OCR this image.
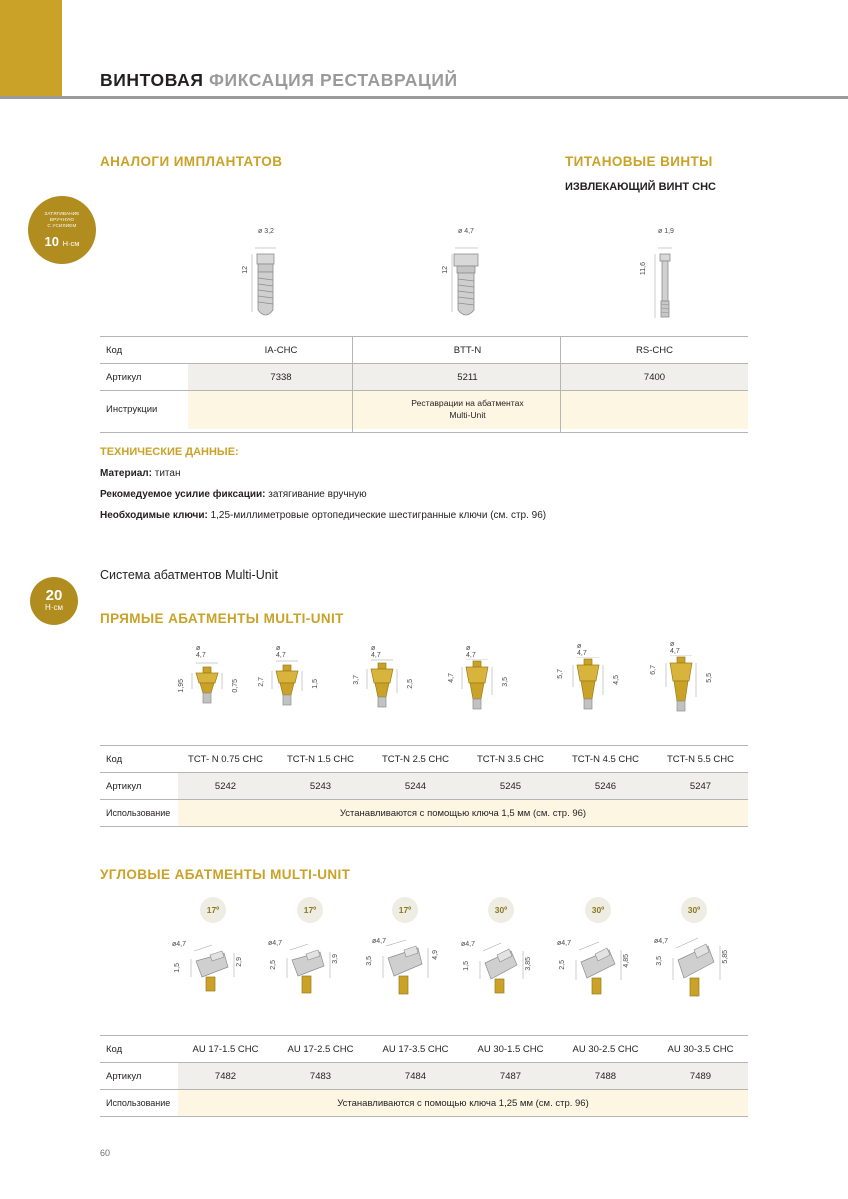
ВИНТОВАЯ ФИКСАЦИЯ РЕСТАВРАЦИЙ
АНАЛОГИ ИМПЛАНТАТОВ	ТИТАНОВЫЕ ВИНТЫ
ИЗВЛЕКАЮЩИЙ ВИНТ CHC
ЗАТЯГИВАНИЕ
ВРУЧНУЮ
С УСИЛИЕМ
10 Н·см
ø 3,2
12
ø 4,7
12
ø 1,9
11,6
Код	IA-CHC	BTT-N	RS-CHC
Артикул	7338	5211	7400
Инструкции		Реставрации на абатментах
Multi-Unit	
ТЕХНИЧЕСКИЕ ДАННЫЕ:
Материал: титан
Рекомедуемое усилие фиксации: затягивание вручную
Необходимые ключи: 1,25-миллиметровые ортопедические шестигранные ключи (см. стр. 96)
Система абатментов Multi-Unit
20
Н·см
ПРЯМЫЕ АБАТМЕНТЫ MULTI-UNIT
ø 4,7
1,95	0,75
ø 4,7
2,7	1,5
ø 4,7
3,7	2,5
ø 4,7
4,7	3,5
ø 4,7
5,7
4,5
ø 4,7
6,7
5,5
Код	TCT- N 0.75 CHC	TCT-N 1.5 CHC	TCT-N 2.5 CHC	TCT-N 3.5 CHC	TCT-N 4.5 CHC	TCT-N 5.5 CHC
Артикул	5242	5243	5244	5245	5246	5247
Использование	Устанавливаются с помощью ключа 1,5 мм (см. стр. 96)					
УГЛОВЫЕ АБАТМЕНТЫ MULTI-UNIT
17º	17º	17º	30º	30º	30º
ø4,7
1,5
2,9
ø4,7
2,5
3,9
ø4,7
3,5
4,9
ø4,7
1,5	3,85
ø4,7
2,5	4,85
ø4,7
3,5	5,85
Код	AU 17-1.5 CHC	AU 17-2.5 CHC	AU 17-3.5 CHC	AU 30-1.5 CHC	AU 30-2.5 CHC	AU 30-3.5 CHC
Артикул	7482	7483	7484	7487	7488	7489
Использование	Устанавливаются с помощью ключа 1,25 мм (см. стр. 96)					
60
